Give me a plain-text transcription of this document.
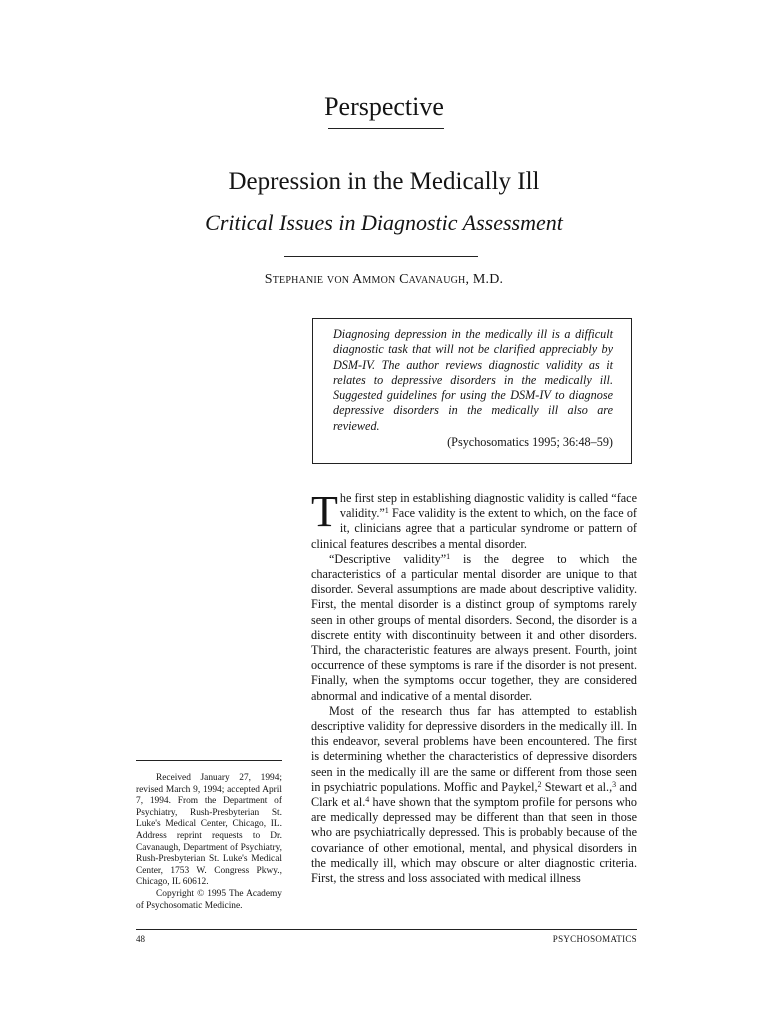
Perspective
Depression in the Medically Ill
Critical Issues in Diagnostic Assessment
Stephanie von Ammon Cavanaugh, M.D.

Diagnosing depression in the medically ill is a difficult diagnostic task that will not be clarified appreciably by DSM-IV. The author reviews diagnostic validity as it relates to depressive disorders in the medically ill. Suggested guidelines for using the DSM-IV to diagnose depressive disorders in the medically ill also are reviewed.

(Psychosomatics 1995; 36:48–59)

The first step in establishing diagnostic validity is called “face validity.”$^1$ Face validity is the extent to which, on the face of it, clinicians agree that a particular syndrome or pattern of clinical features describes a mental disorder.

“Descriptive validity”$^1$ is the degree to which the characteristics of a particular mental disorder are unique to that disorder. Several assumptions are made about descriptive validity. First, the mental disorder is a distinct group of symptoms rarely seen in other groups of mental disorders. Second, the disorder is a discrete entity with discontinuity between it and other disorders. Third, the characteristic features are always present. Fourth, joint occurrence of these symptoms is rare if the disorder is not present. Finally, when the symptoms occur together, they are considered abnormal and indicative of a mental disorder.

Most of the research thus far has attempted to establish descriptive validity for depressive disorders in the medically ill. In this endeavor, several problems have been encountered. The first is determining whether the characteristics of depressive disorders seen in the medically ill are the same or different from those seen in psychiatric populations. Moffic and Paykel,$^2$ Stewart et al.,$^3$ and Clark et al.$^4$ have shown that the symptom profile for persons who are medically depressed may be different than that seen in those who are psychiatrically depressed. This is probably because of the covariance of other emotional, mental, and physical disorders in the medically ill, which may obscure or alter diagnostic criteria. First, the stress and loss associated with medical illness

Received January 27, 1994; revised March 9, 1994; accepted April 7, 1994. From the Department of Psychiatry, Rush-Presbyterian St. Luke's Medical Center, Chicago, IL. Address reprint requests to Dr. Cavanaugh, Department of Psychiatry, Rush-Presbyterian St. Luke's Medical Center, 1753 W. Congress Pkwy., Chicago, IL 60612.

Copyright © 1995 The Academy of Psychosomatic Medicine.

48	PSYCHOSOMATICS
